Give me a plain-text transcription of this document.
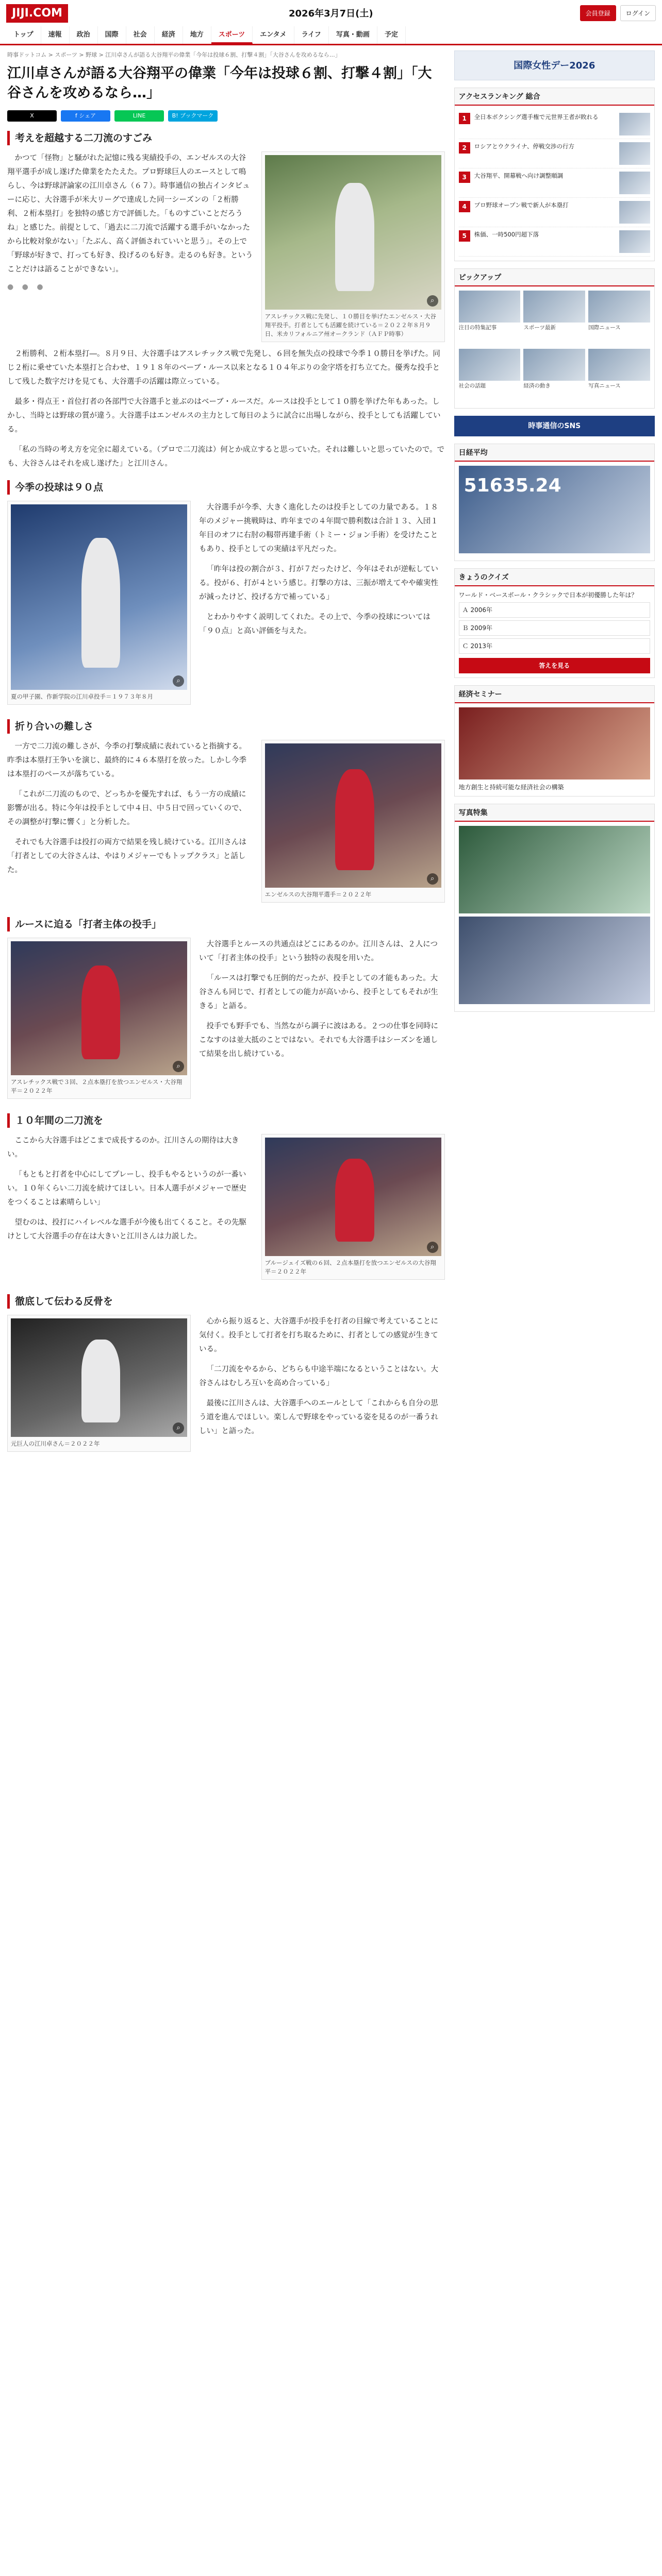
JIJI.COM	2026年3月7日(土)	会員登録	ログイン
トップ	速報	政治	国際	社会	経済	地方	スポーツ	エンタメ	ライフ	写真・動画	予定
時事ドットコム > スポーツ > 野球 > 江川卓さんが語る大谷翔平の偉業「今年は投球６割、打撃４割」「大谷さんを攻めるなら…」
江川卓さんが語る大谷翔平の偉業「今年は投球６割、打撃４割」「大谷さんを攻めるなら…」
X	f シェア	LINE	B! ブックマーク
考えを超越する二刀流のすごみ
⌕
アスレチックス戦に先発し、１０勝目を挙げたエンゼルス・大谷翔平投手。打者としても活躍を続けている＝２０２２年８月９日、米カリフォルニア州オークランド（ＡＦＰ時事）

かつて「怪物」と騒がれた記憶に残る実績投手の、エンゼルスの大谷翔平選手が成し遂げた偉業をたたえた。プロ野球巨人のエースとして鳴らし、今は野球評論家の江川卓さん（６７）。時事通信の独占インタビューに応じ、大谷選手が米大リーグで達成した同一シーズンの「２桁勝利、２桁本塁打」を独特の感じ方で評価した。「ものすごいことだろうね」と感じた。前提として、「過去に二刀流で活躍する選手がいなかったから比較対象がない」「たぶん、高く評価されていいと思う」。その上で「野球が好きで、打っても好き、投げるのも好き。走るのも好き。ということだけは語ることができない」。

● ● ●

２桁勝利、２桁本塁打―。８月９日、大谷選手はアスレチックス戦で先発し、６回を無失点の投球で今季１０勝目を挙げた。同じ２桁に乗せていた本塁打と合わせ、１９１８年のベーブ・ルース以来となる１０４年ぶりの金字塔を打ち立てた。優秀な投手として残した数字だけを見ても、大谷選手の活躍は際立っている。

最多・得点王・首位打者の各部門で大谷選手と並ぶのはベーブ・ルースだ。ルースは投手として１０勝を挙げた年もあった。しかし、当時とは野球の質が違う。大谷選手はエンゼルスの主力として毎日のように試合に出場しながら、投手としても活躍している。

「私の当時の考え方を完全に超えている。（プロで二刀流は）何とか成立すると思っていた。それは難しいと思っていたので。でも、大谷さんはそれを成し遂げた」と江川さん。

今季の投球は９０点
⌕
夏の甲子園、作新学院の江川卓投手＝１９７３年８月

大谷選手が今季、大きく進化したのは投手としての力量である。１８年のメジャー挑戦時は、昨年までの４年間で勝利数は合計１３、入団１年目のオフに右肘の靱帯再建手術（トミー・ジョン手術）を受けたこともあり、投手としての実績は平凡だった。

「昨年は投の割合が３、打が７だったけど、今年はそれが逆転している。投が６、打が４という感じ。打撃の方は、三振が増えてやや確実性が減ったけど、投げる方で補っている」

とわかりやすく説明してくれた。その上で、今季の投球については「９０点」と高い評価を与えた。

折り合いの難しさ
⌕
エンゼルスの大谷翔平選手＝２０２２年

一方で二刀流の難しさが、今季の打撃成績に表れていると指摘する。昨季は本塁打王争いを演じ、最終的に４６本塁打を放った。しかし今季は本塁打のペースが落ちている。

「これが二刀流のもので、どっちかを優先すれば、もう一方の成績に影響が出る。特に今年は投手として中４日、中５日で回っていくので、その調整が打撃に響く」と分析した。

それでも大谷選手は投打の両方で結果を残し続けている。江川さんは「打者としての大谷さんは、やはりメジャーでもトップクラス」と話した。

ルースに迫る「打者主体の投手」
⌕
アスレチックス戦で３回、２点本塁打を放つエンゼルス・大谷翔平＝２０２２年

大谷選手とルースの共通点はどこにあるのか。江川さんは、２人について「打者主体の投手」という独特の表現を用いた。

「ルースは打撃でも圧倒的だったが、投手としての才能もあった。大谷さんも同じで、打者としての能力が高いから、投手としてもそれが生きる」と語る。

投手でも野手でも、当然ながら調子に波はある。２つの仕事を同時にこなすのは並大抵のことではない。それでも大谷選手はシーズンを通して結果を出し続けている。

１０年間の二刀流を
⌕
ブルージェイズ戦の６回、２点本塁打を放つエンゼルスの大谷翔平＝２０２２年

ここから大谷選手はどこまで成長するのか。江川さんの期待は大きい。

「もともと打者を中心にしてプレーし、投手もやるというのが一番いい。１０年くらい二刀流を続けてほしい。日本人選手がメジャーで歴史をつくることは素晴らしい」

望むのは、投打にハイレベルな選手が今後も出てくること。その先駆けとして大谷選手の存在は大きいと江川さんは力説した。

徹底して伝わる反骨を
⌕
元巨人の江川卓さん＝２０２２年

心から振り返ると、大谷選手が投手を打者の目線で考えていることに気付く。投手として打者を打ち取るために、打者としての感覚が生きている。

「二刀流をやるから、どちらも中途半端になるということはない。大谷さんはむしろ互いを高め合っている」

最後に江川さんは、大谷選手へのエールとして「これからも自分の思う道を進んでほしい。楽しんで野球をやっている姿を見るのが一番うれしい」と語った。

国際女性デー2026
アクセスランキング 総合
1	全日本ボクシング選手権で元世界王者が敗れる
2	ロシアとウクライナ、停戦交渉の行方
3	大谷翔平、開幕戦へ向け調整順調
4	プロ野球オープン戦で新人が本塁打
5	株価、一時500円超下落
ピックアップ
注目の特集記事	スポーツ最新	国際ニュース
社会の話題	経済の動き	写真ニュース
時事通信のSNS
日経平均
51635.24
きょうのクイズ
ワールド・ベースボール・クラシックで日本が初優勝した年は？
Ａ 2006年
Ｂ 2009年
Ｃ 2013年
答えを見る
経済セミナー
地方創生と持続可能な経済社会の構築
写真特集
